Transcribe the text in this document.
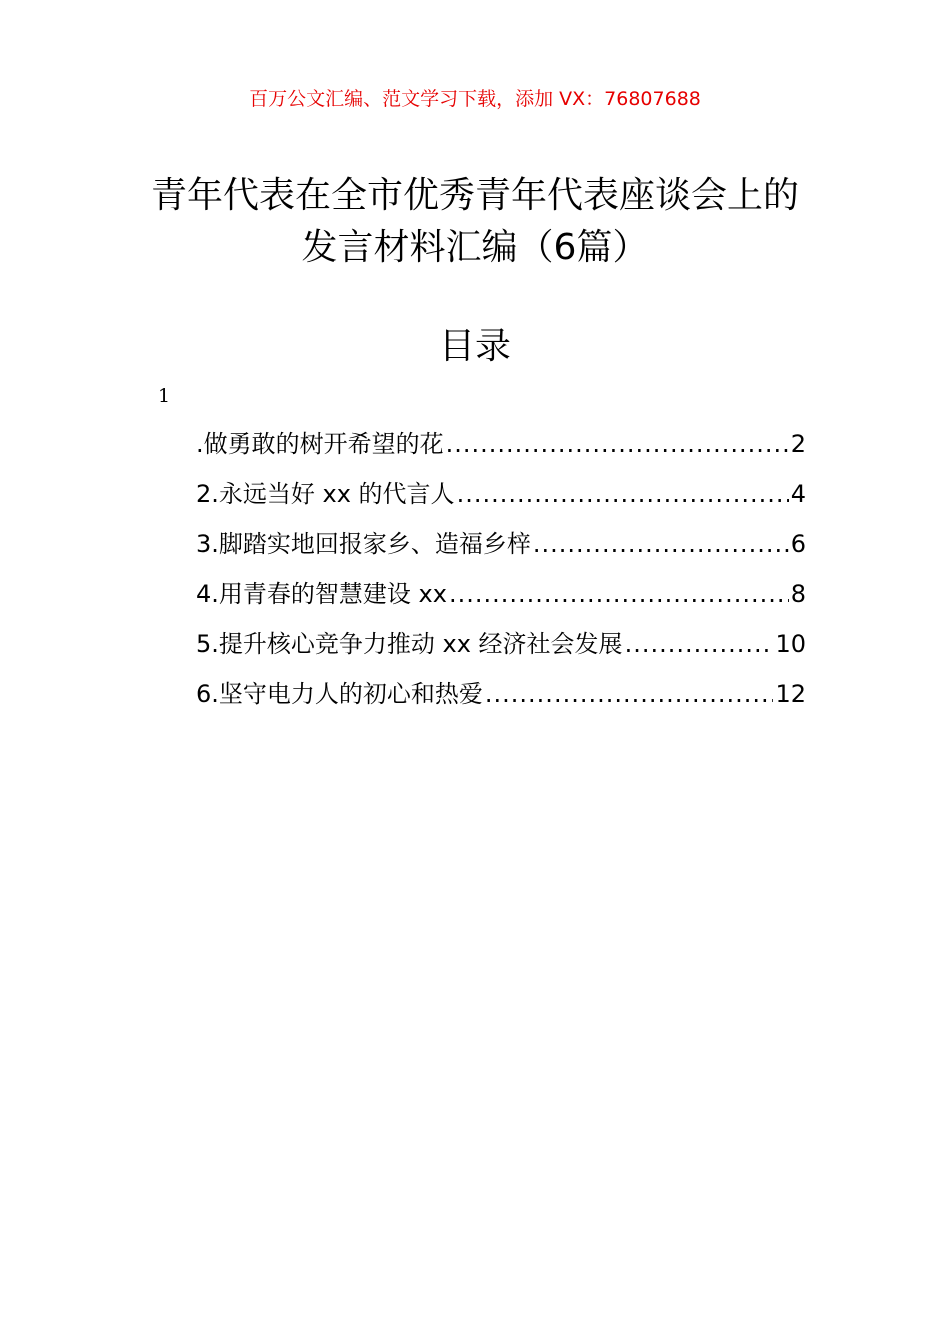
百万公文汇编、范文学习下载，添加 VX：76807688
青年代表在全市优秀青年代表座谈会上的
发言材料汇编（6篇）
目录
1
.做勇敢的树开希望的花 .....	2
2.永远当好 xx 的代言人 .....	4
3.脚踏实地回报家乡、造福乡梓 .....	6
4.用青春的智慧建设 xx .....	8
5.提升核心竞争力推动 xx 经济社会发展 .....	10
6.坚守电力人的初心和热爱 .....	12
